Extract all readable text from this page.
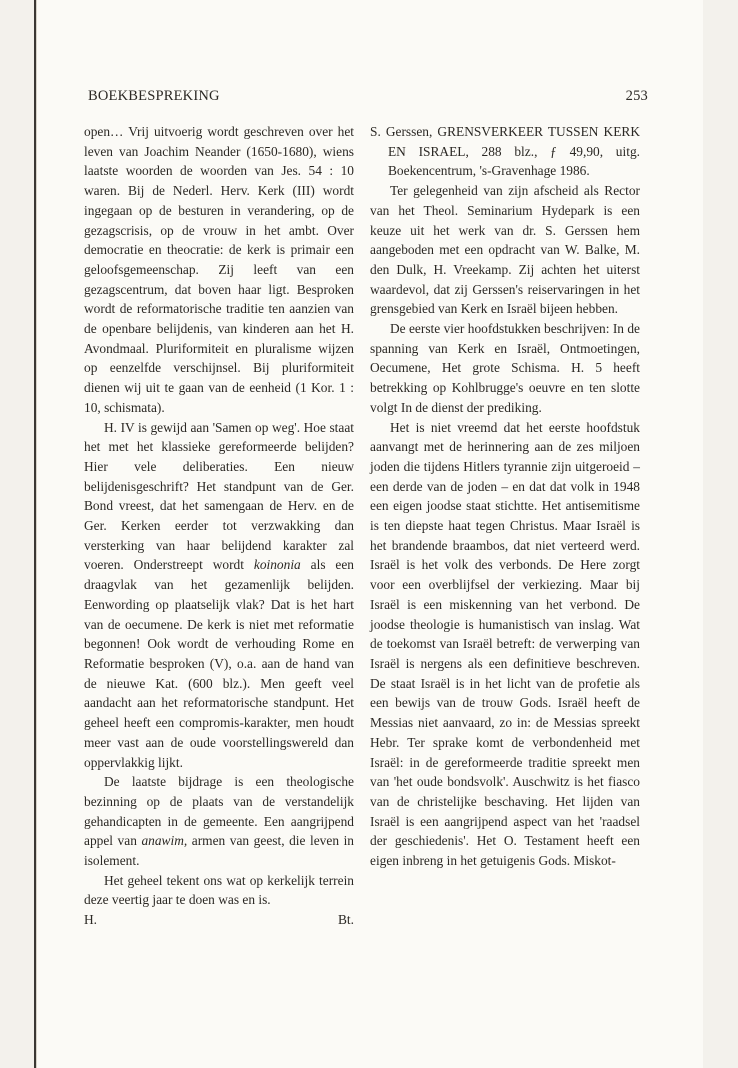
BOEKBESPREKING	253

open… Vrij uitvoerig wordt geschreven over het leven van Joachim Neander (1650-1680), wiens laatste woorden de woorden van Jes. 54 : 10 waren. Bij de Nederl. Herv. Kerk (III) wordt ingegaan op de besturen in verandering, op de gezagscrisis, op de vrouw in het ambt. Over democratie en theocratie: de kerk is primair een geloofsgemeenschap. Zij leeft van een gezagscentrum, dat boven haar ligt. Besproken wordt de reformatorische traditie ten aanzien van de openbare belijdenis, van kinderen aan het H. Avondmaal. Pluriformiteit en pluralisme wijzen op eenzelfde verschijnsel. Bij pluriformiteit dienen wij uit te gaan van de eenheid (1 Kor. 1 : 10, schismata).

H. IV is gewijd aan 'Samen op weg'. Hoe staat het met het klassieke gereformeerde belijden? Hier vele deliberaties. Een nieuw belijdenisgeschrift? Het standpunt van de Ger. Bond vreest, dat het samengaan de Herv. en de Ger. Kerken eerder tot verzwakking dan versterking van haar belijdend karakter zal voeren. Onderstreept wordt koinonia als een draagvlak van het gezamenlijk belijden. Eenwording op plaatselijk vlak? Dat is het hart van de oecumene. De kerk is niet met reformatie begonnen! Ook wordt de verhouding Rome en Reformatie besproken (V), o.a. aan de hand van de nieuwe Kat. (600 blz.). Men geeft veel aandacht aan het reformatorische standpunt. Het geheel heeft een compromis-karakter, men houdt meer vast aan de oude voorstellingswereld dan oppervlakkig lijkt.

De laatste bijdrage is een theologische bezinning op de plaats van de verstandelijk gehandicapten in de gemeente. Een aangrijpend appel van anawim, armen van geest, die leven in isolement.

Het geheel tekent ons wat op kerkelijk terrein deze veertig jaar te doen was en is.

H.	Bt.

S. Gerssen, GRENSVERKEER TUSSEN KERK EN ISRAEL, 288 blz., ƒ 49,90, uitg. Boekencentrum, 's-Gravenhage 1986.

Ter gelegenheid van zijn afscheid als Rector van het Theol. Seminarium Hydepark is een keuze uit het werk van dr. S. Gerssen hem aangeboden met een opdracht van W. Balke, M. den Dulk, H. Vreekamp. Zij achten het uiterst waardevol, dat zij Gerssen's reiservaringen in het grensgebied van Kerk en Israël bijeen hebben.

De eerste vier hoofdstukken beschrijven: In de spanning van Kerk en Israël, Ontmoetingen, Oecumene, Het grote Schisma. H. 5 heeft betrekking op Kohlbrugge's oeuvre en ten slotte volgt In de dienst der prediking.

Het is niet vreemd dat het eerste hoofdstuk aanvangt met de herinnering aan de zes miljoen joden die tijdens Hitlers tyrannie zijn uitgeroeid – een derde van de joden – en dat dat volk in 1948 een eigen joodse staat stichtte. Het antisemitisme is ten diepste haat tegen Christus. Maar Israël is het brandende braambos, dat niet verteerd werd. Israël is het volk des verbonds. De Here zorgt voor een overblijfsel der verkiezing. Maar bij Israël is een miskenning van het verbond. De joodse theologie is humanistisch van inslag. Wat de toekomst van Israël betreft: de verwerping van Israël is nergens als een definitieve beschreven. De staat Israël is in het licht van de profetie als een bewijs van de trouw Gods. Israël heeft de Messias niet aanvaard, zo in: de Messias spreekt Hebr. Ter sprake komt de verbondenheid met Israël: in de gereformeerde traditie spreekt men van 'het oude bondsvolk'. Auschwitz is het fiasco van de christelijke beschaving. Het lijden van Israël is een aangrijpend aspect van het 'raadsel der geschiedenis'. Het O. Testament heeft een eigen inbreng in het getuigenis Gods. Miskot-
